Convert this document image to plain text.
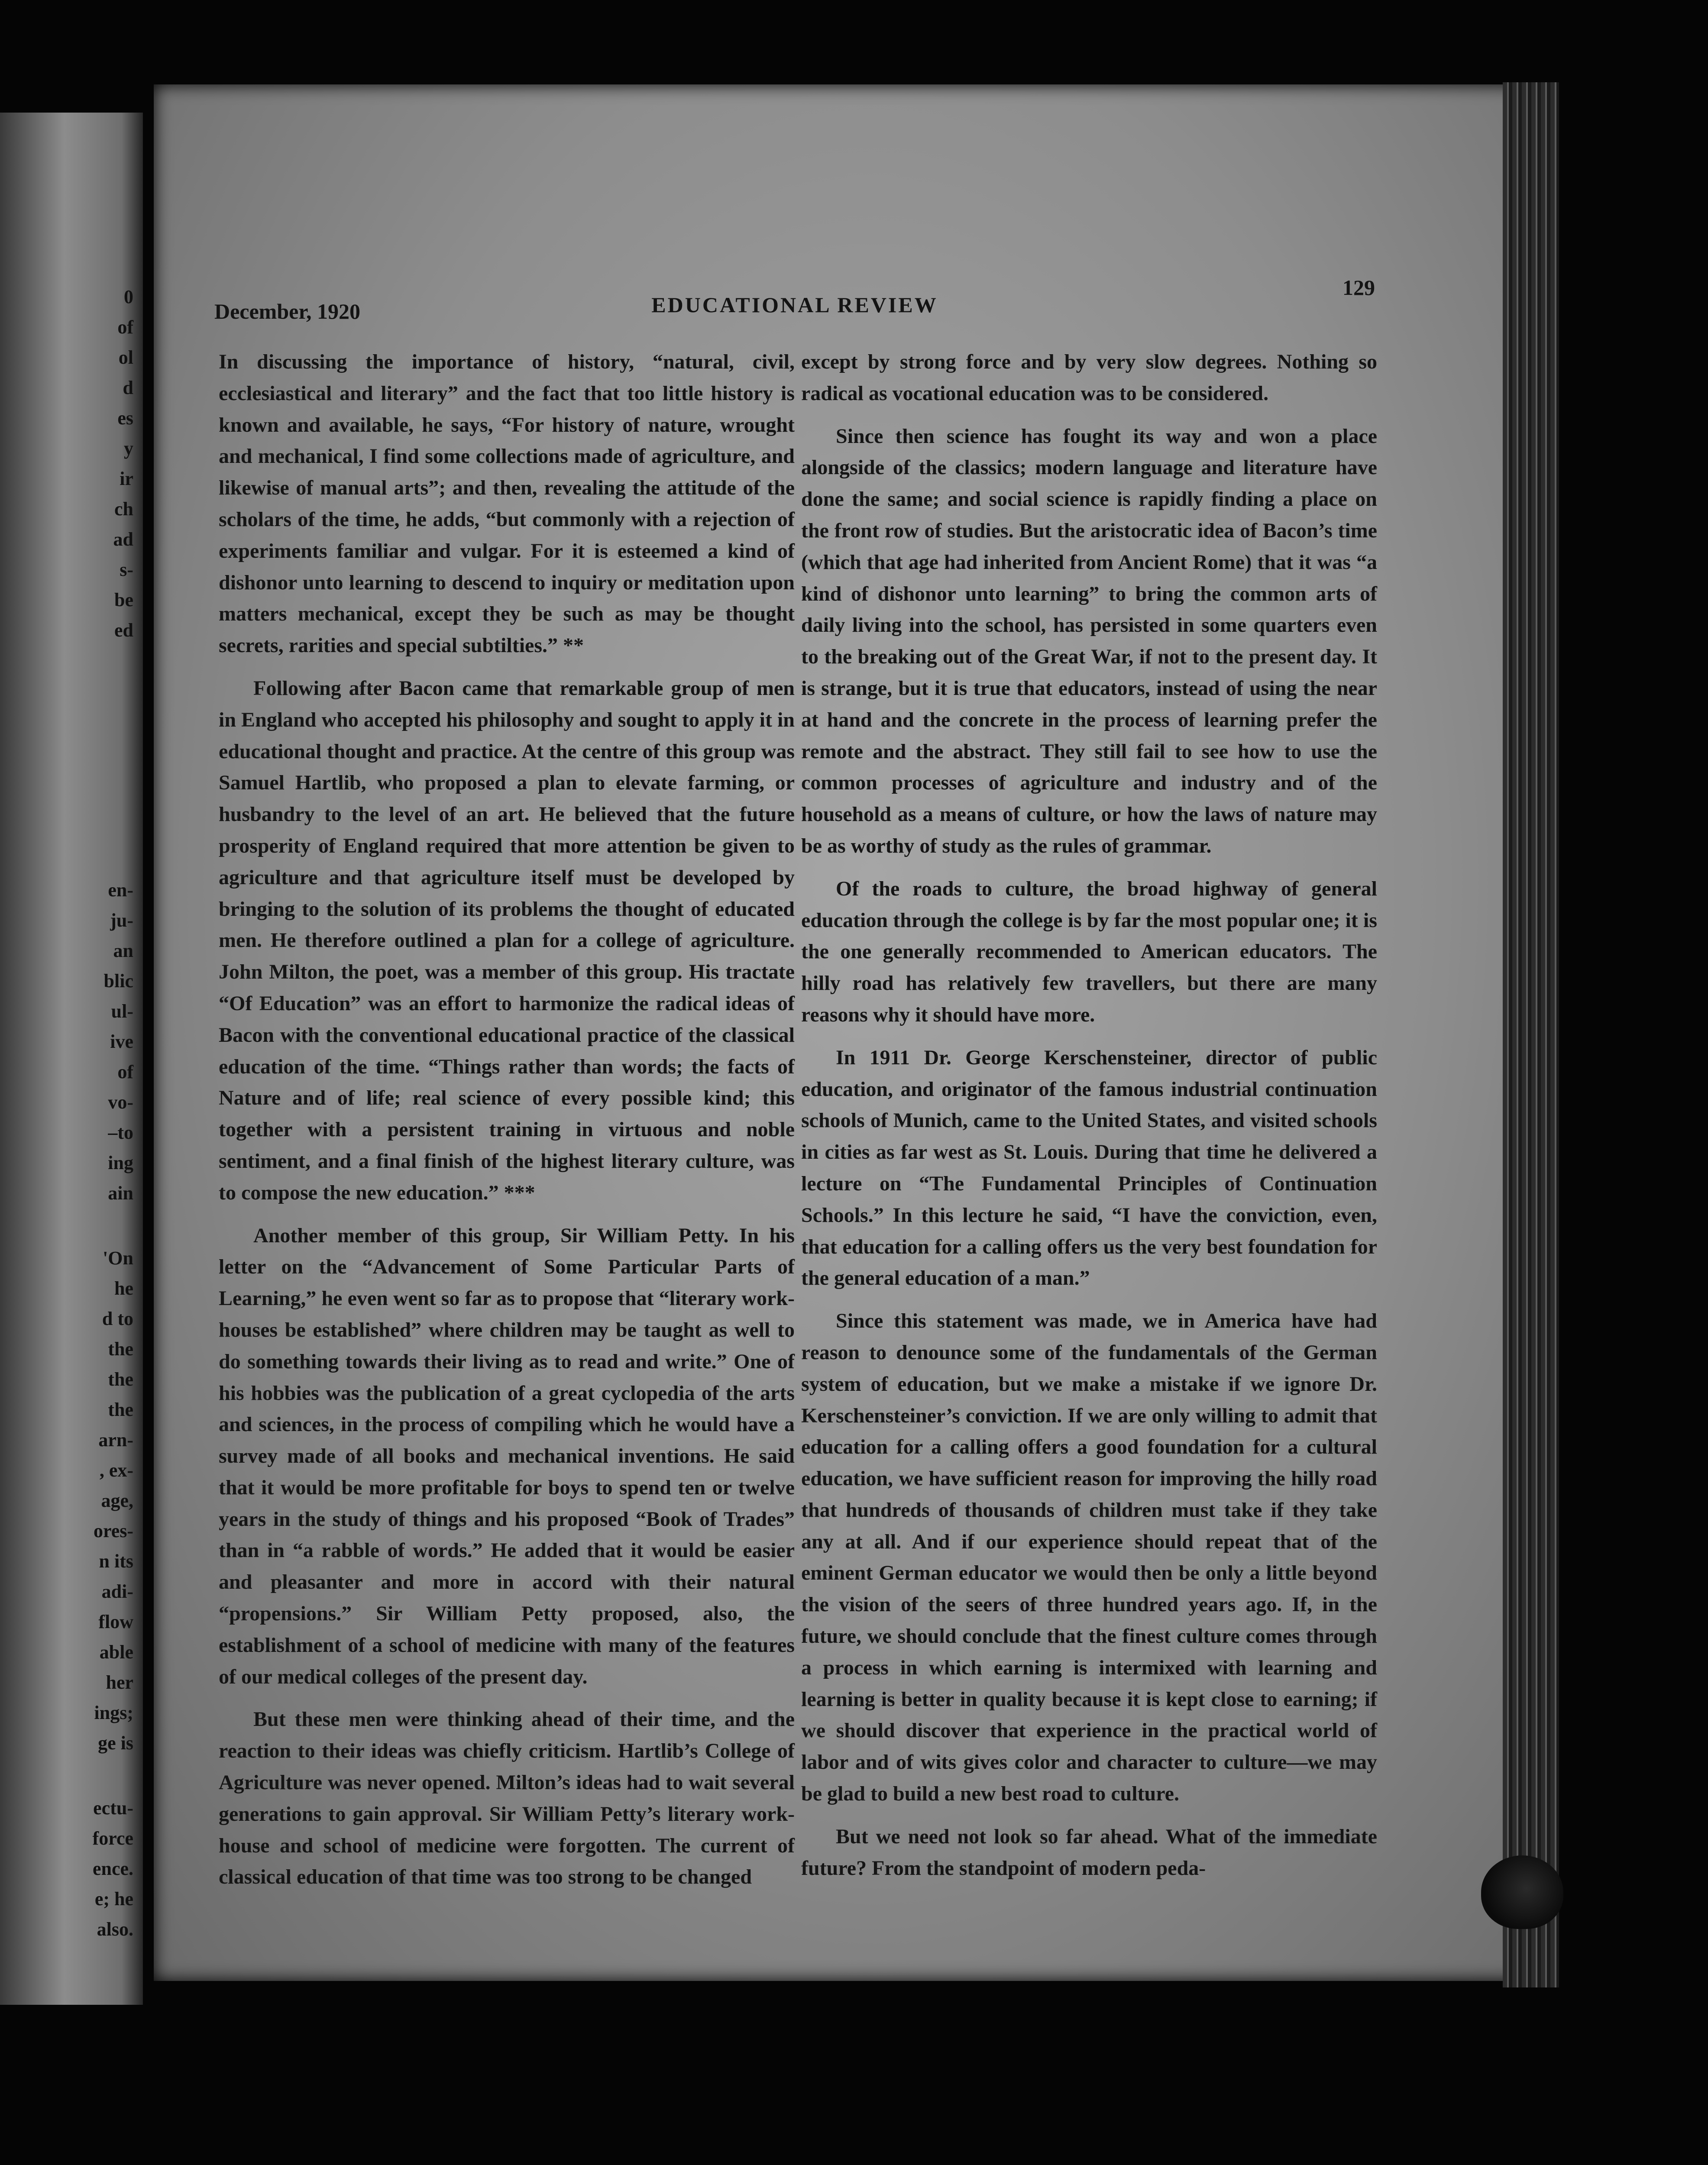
0
of
ol
d
es
y
ir
ch
ad
s-
be
ed
en-
ju-
an
blic
ul-
ive
of
vo-
–to
ing
ain
'On
he
d to
the
the
the
arn-
, ex-
age,
ores-
n its
adi-
flow
able
her
ings;
ge is
ectu-
force
ence.
e; he
also.
December, 1920	EDUCATIONAL REVIEW
129

In discussing the importance of history, “natural, civil, ecclesiastical and literary” and the fact that too little history is known and available, he says, “For history of nature, wrought and mechanical, I find some collections made of agriculture, and likewise of manual arts”; and then, revealing the attitude of the scholars of the time, he adds, “but commonly with a rejection of experiments familiar and vulgar. For it is esteemed a kind of dishonor unto learning to descend to inquiry or meditation upon matters mechanical, except they be such as may be thought secrets, rarities and special subtilties.” **

Following after Bacon came that remarkable group of men in England who accepted his philosophy and sought to apply it in educational thought and practice. At the centre of this group was Samuel Hartlib, who proposed a plan to elevate farming, or husbandry to the level of an art. He believed that the future prosperity of England required that more attention be given to agriculture and that agriculture itself must be developed by bringing to the solution of its problems the thought of educated men. He therefore outlined a plan for a college of agriculture. John Milton, the poet, was a member of this group. His tractate “Of Education” was an effort to harmonize the radical ideas of Bacon with the conventional educational practice of the classical education of the time. “Things rather than words; the facts of Nature and of life; real science of every possible kind; this together with a persistent training in virtuous and noble sentiment, and a final finish of the highest literary culture, was to compose the new education.” ***

Another member of this group, Sir William Petty. In his letter on the “Advancement of Some Particular Parts of Learning,” he even went so far as to propose that “literary work-houses be established” where children may be taught as well to do something towards their living as to read and write.” One of his hobbies was the publication of a great cyclopedia of the arts and sciences, in the process of compiling which he would have a survey made of all books and mechanical inventions. He said that it would be more profitable for boys to spend ten or twelve years in the study of things and his proposed “Book of Trades” than in “a rabble of words.” He added that it would be easier and pleasanter and more in accord with their natural “propensions.” Sir William Petty proposed, also, the establishment of a school of medicine with many of the features of our medical colleges of the present day.

But these men were thinking ahead of their time, and the reaction to their ideas was chiefly criticism. Hartlib’s College of Agriculture was never opened. Milton’s ideas had to wait several generations to gain approval. Sir William Petty’s literary work-house and school of medicine were forgotten. The current of classical education of that time was too strong to be changed

except by strong force and by very slow degrees. Nothing so radical as vocational education was to be considered.

Since then science has fought its way and won a place alongside of the classics; modern language and literature have done the same; and social science is rapidly finding a place on the front row of studies. But the aristocratic idea of Bacon’s time (which that age had inherited from Ancient Rome) that it was “a kind of dishonor unto learning” to bring the common arts of daily living into the school, has persisted in some quarters even to the breaking out of the Great War, if not to the present day. It is strange, but it is true that educators, instead of using the near at hand and the concrete in the process of learning prefer the remote and the abstract. They still fail to see how to use the common processes of agriculture and industry and of the household as a means of culture, or how the laws of nature may be as worthy of study as the rules of grammar.

Of the roads to culture, the broad highway of general education through the college is by far the most popular one; it is the one generally recommended to American educators. The hilly road has relatively few travellers, but there are many reasons why it should have more.

In 1911 Dr. George Kerschensteiner, director of public education, and originator of the famous industrial continuation schools of Munich, came to the United States, and visited schools in cities as far west as St. Louis. During that time he delivered a lecture on “The Fundamental Principles of Continuation Schools.” In this lecture he said, “I have the conviction, even, that education for a calling offers us the very best foundation for the general education of a man.”

Since this statement was made, we in America have had reason to denounce some of the fundamentals of the German system of education, but we make a mistake if we ignore Dr. Kerschensteiner’s conviction. If we are only willing to admit that education for a calling offers a good foundation for a cultural education, we have sufficient reason for improving the hilly road that hundreds of thousands of children must take if they take any at all. And if our experience should repeat that of the eminent German educator we would then be only a little beyond the vision of the seers of three hundred years ago. If, in the future, we should conclude that the finest culture comes through a process in which earning is intermixed with learning and learning is better in quality because it is kept close to earning; if we should discover that experience in the practical world of labor and of wits gives color and character to culture—we may be glad to build a new best road to culture.

But we need not look so far ahead. What of the immediate future? From the standpoint of modern peda-
